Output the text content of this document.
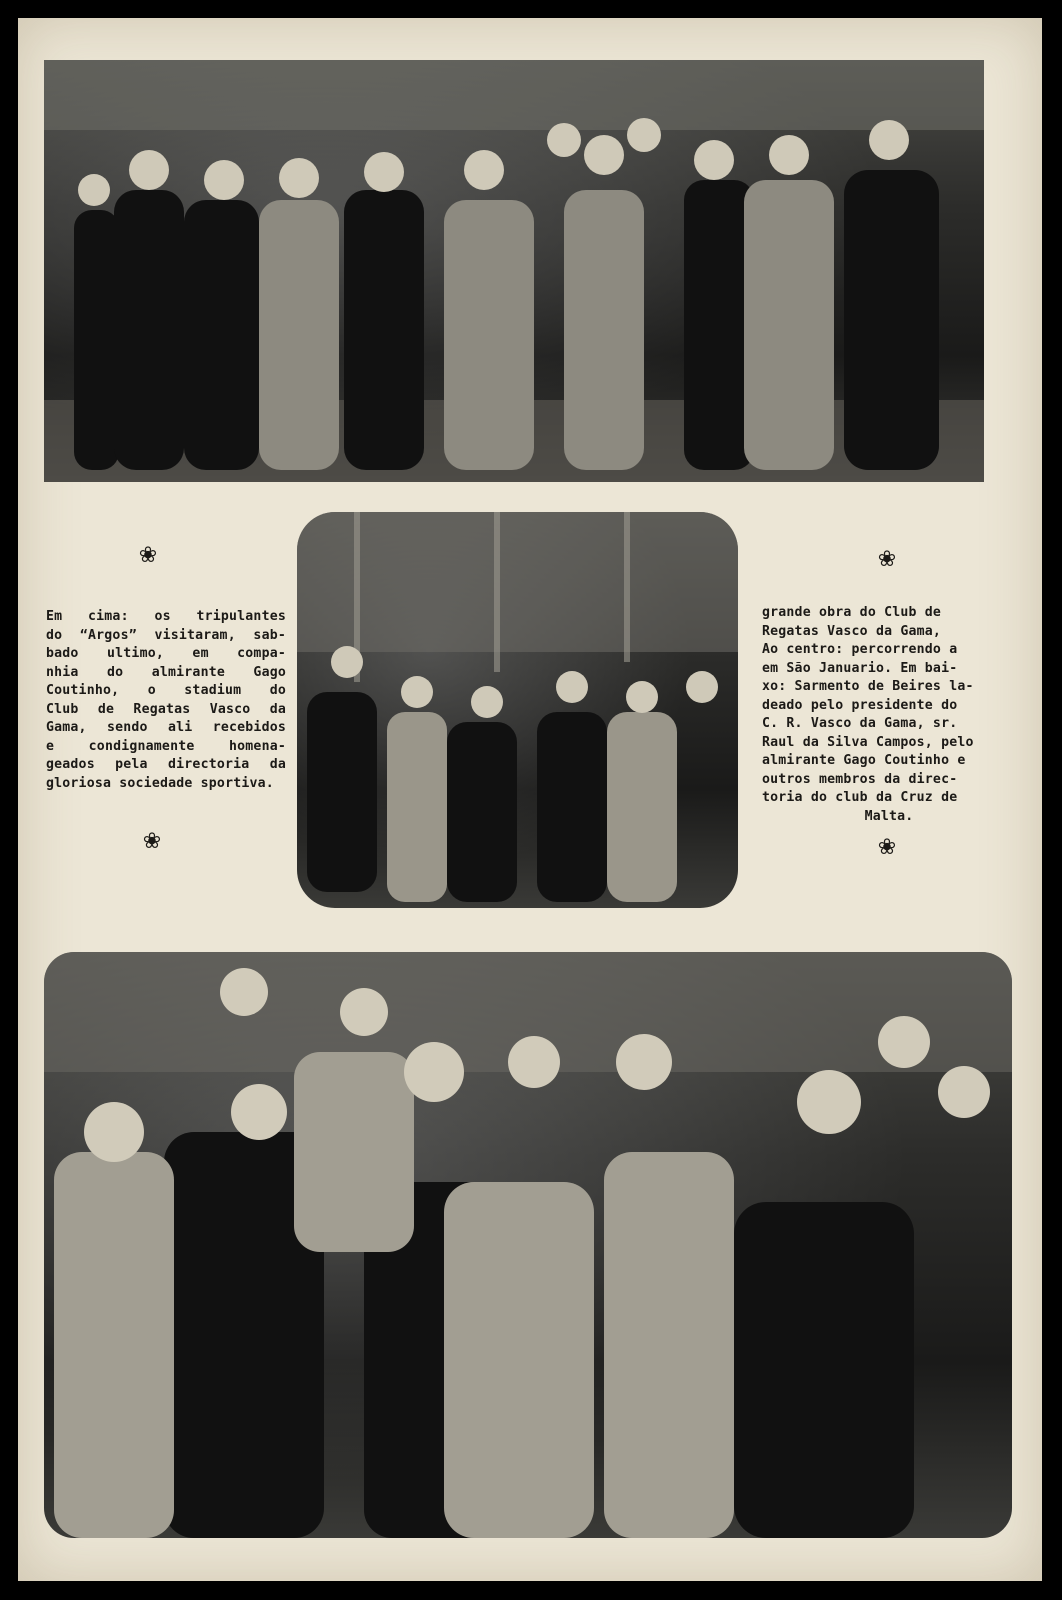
❀
Em cima: os tripulantes
do “Argos” visitaram, sab-
bado ultimo, em compa-
nhia do almirante Gago
Coutinho, o stadium do
Club de Regatas Vasco da
Gama, sendo ali recebidos
e condignamente homena-
geados pela directoria da
gloriosa sociedade sportiva.
❀
❀
grande obra do Club de
Regatas Vasco da Gama,
Ao centro: percorrendo a
em São Januario. Em bai-
xo: Sarmento de Beires la-
deado pelo presidente do
C. R. Vasco da Gama, sr.
Raul da Silva Campos, pelo
almirante Gago Coutinho e
outros membros da direc-
toria do club da Cruz de
Malta.
❀
